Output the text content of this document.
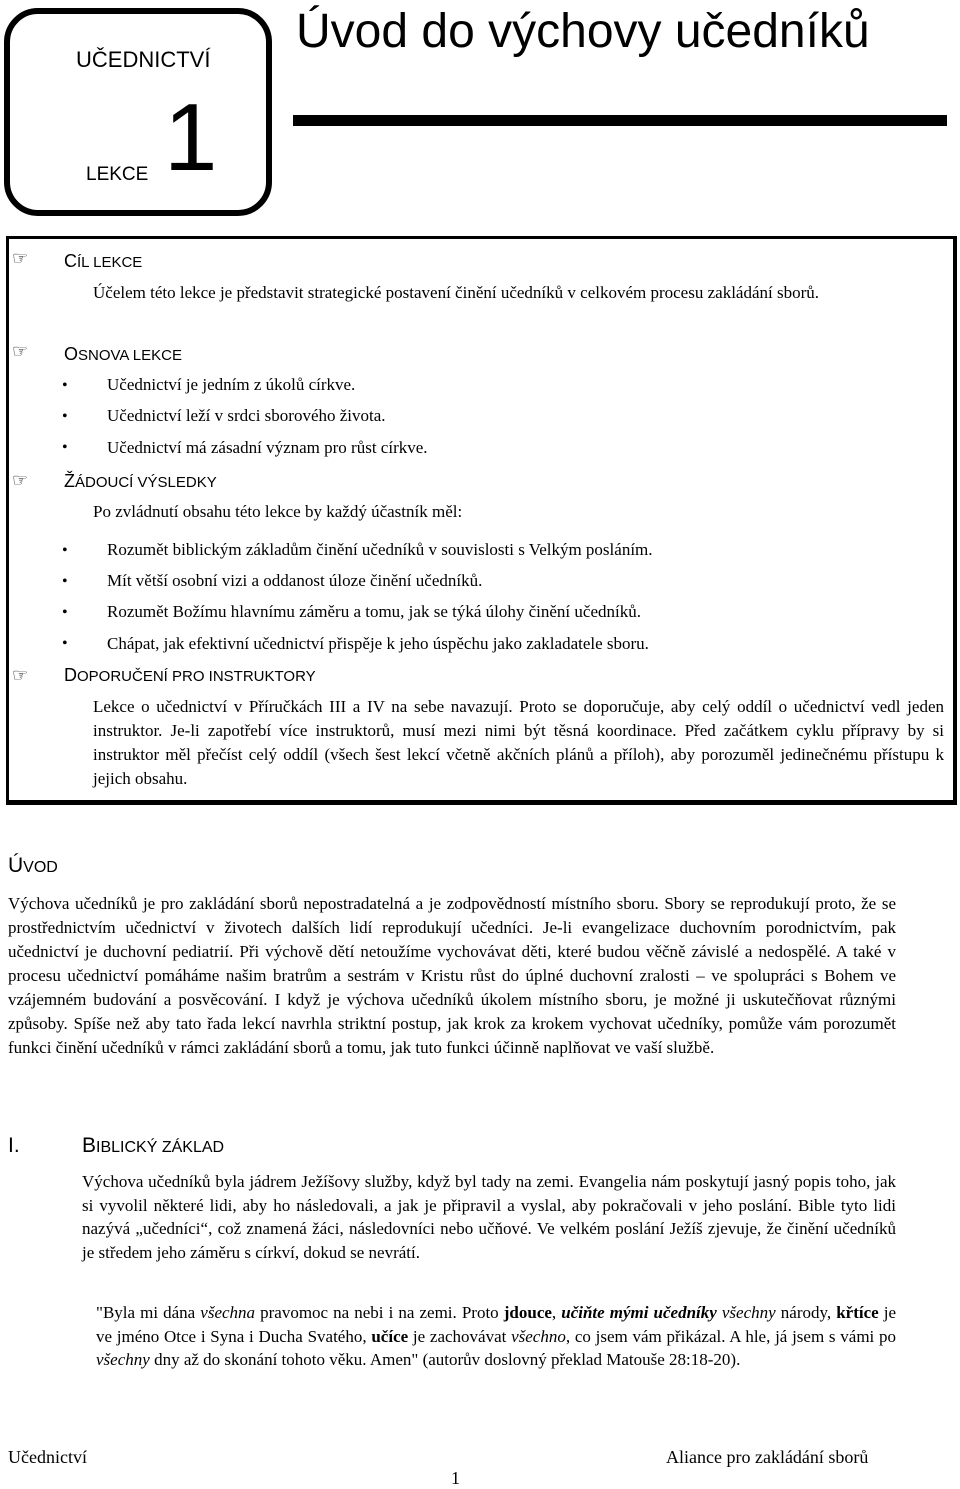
UČEDNICTVÍ
LEKCE 1
Úvod do výchovy učedníků
☞ CÍL LEKCE
Účelem této lekce je představit strategické postavení činění učedníků v celkovém procesu zakládání sborů.
☞ OSNOVA LEKCE
• Učednictví je jedním z úkolů církve.
• Učednictví leží v srdci sborového života.
• Učednictví má zásadní význam pro růst církve.
☞ ŽÁDOUCÍ VÝSLEDKY
Po zvládnutí obsahu této lekce by každý účastník měl:
• Rozumět biblickým základům činění učedníků v souvislosti s Velkým posláním.
• Mít větší osobní vizi a oddanost úloze činění učedníků.
• Rozumět Božímu hlavnímu záměru a tomu, jak se týká úlohy činění učedníků.
• Chápat, jak efektivní učednictví přispěje k jeho úspěchu jako zakladatele sboru.
☞ DOPORUČENÍ PRO INSTRUKTORY
Lekce o učednictví v Příručkách III a IV na sebe navazují. Proto se doporučuje, aby celý oddíl o učednictví vedl jeden instruktor. Je-li zapotřebí více instruktorů, musí mezi nimi být těsná koordinace. Před začátkem cyklu přípravy by si instruktor měl přečíst celý oddíl (všech šest lekcí včetně akčních plánů a příloh), aby porozuměl jedinečnému přístupu k jejich obsahu.
ÚVOD
Výchova učedníků je pro zakládání sborů nepostradatelná a je zodpovědností místního sboru. Sbory se reprodukují proto, že se prostřednictvím učednictví v životech dalších lidí reprodukují učedníci. Je-li evangelizace duchovním porodnictvím, pak učednictví je duchovní pediatrií. Při výchově dětí netoužíme vychovávat děti, které budou věčně závislé a nedospělé. A také v procesu učednictví pomáháme našim bratrům a sestrám v Kristu růst do úplné duchovní zralosti – ve spolupráci s Bohem ve vzájemném budování a posvěcování. I když je výchova učedníků úkolem místního sboru, je možné ji uskutečňovat různými způsoby. Spíše než aby tato řada lekcí navrhla striktní postup, jak krok za krokem vychovat učedníky, pomůže vám porozumět funkci činění učedníků v rámci zakládání sborů a tomu, jak tuto funkci účinně naplňovat ve vaší službě.
I.	BIBLICKÝ ZÁKLAD
Výchova učedníků byla jádrem Ježíšovy služby, když byl tady na zemi. Evangelia nám poskytují jasný popis toho, jak si vyvolil některé lidi, aby ho následovali, a jak je připravil a vyslal, aby pokračovali v jeho poslání. Bible tyto lidi nazývá „učedníci“, což znamená žáci, následovníci nebo učňové. Ve velkém poslání Ježíš zjevuje, že činění učedníků je středem jeho záměru s církví, dokud se nevrátí.
"Byla mi dána všechna pravomoc na nebi i na zemi. Proto jdouce, učiňte mými učedníky všechny národy, křtíce je ve jméno Otce i Syna i Ducha Svatého, učíce je zachovávat všechno, co jsem vám přikázal. A hle, já jsem s vámi po všechny dny až do skonání tohoto věku. Amen" (autorův doslovný překlad Matouše 28:18-20).
Učednictví	Aliance pro zakládání sborů
1
